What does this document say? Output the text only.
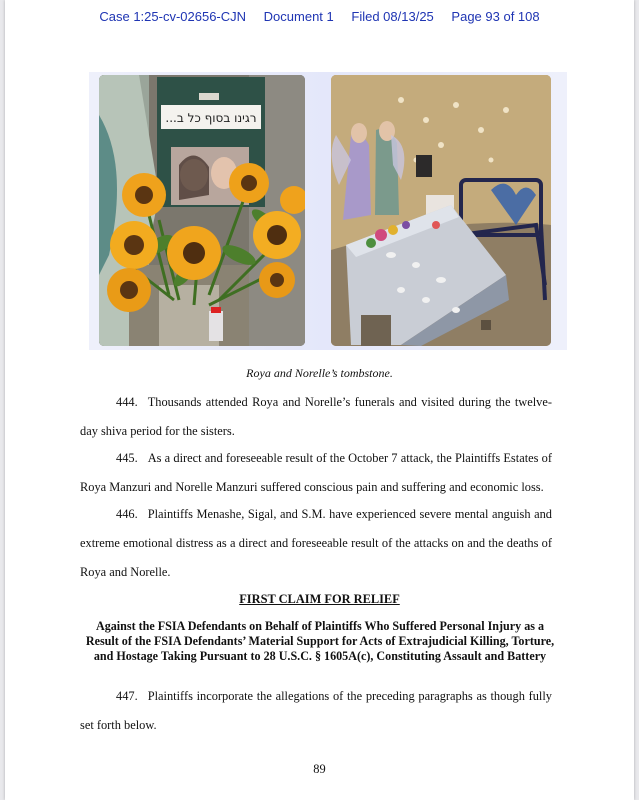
Case 1:25-cv-02656-CJN Document 1 Filed 08/13/25 Page 93 of 108
...רגינו בסוף כל ב
Roya and Norelle’s tombstone.
444. Thousands attended Roya and Norelle’s funerals and visited during the twelve-day shiva period for the sisters.
445. As a direct and foreseeable result of the October 7 attack, the Plaintiffs Estates of Roya Manzuri and Norelle Manzuri suffered conscious pain and suffering and economic loss.
446. Plaintiffs Menashe, Sigal, and S.M. have experienced severe mental anguish and extreme emotional distress as a direct and foreseeable result of the attacks on and the deaths of Roya and Norelle.
FIRST CLAIM FOR RELIEF
Against the FSIA Defendants on Behalf of Plaintiffs Who Suffered Personal Injury as a Result of the FSIA Defendants’ Material Support for Acts of Extrajudicial Killing, Torture, and Hostage Taking Pursuant to 28 U.S.C. § 1605A(c), Constituting Assault and Battery
447. Plaintiffs incorporate the allegations of the preceding paragraphs as though fully set forth below.
89
